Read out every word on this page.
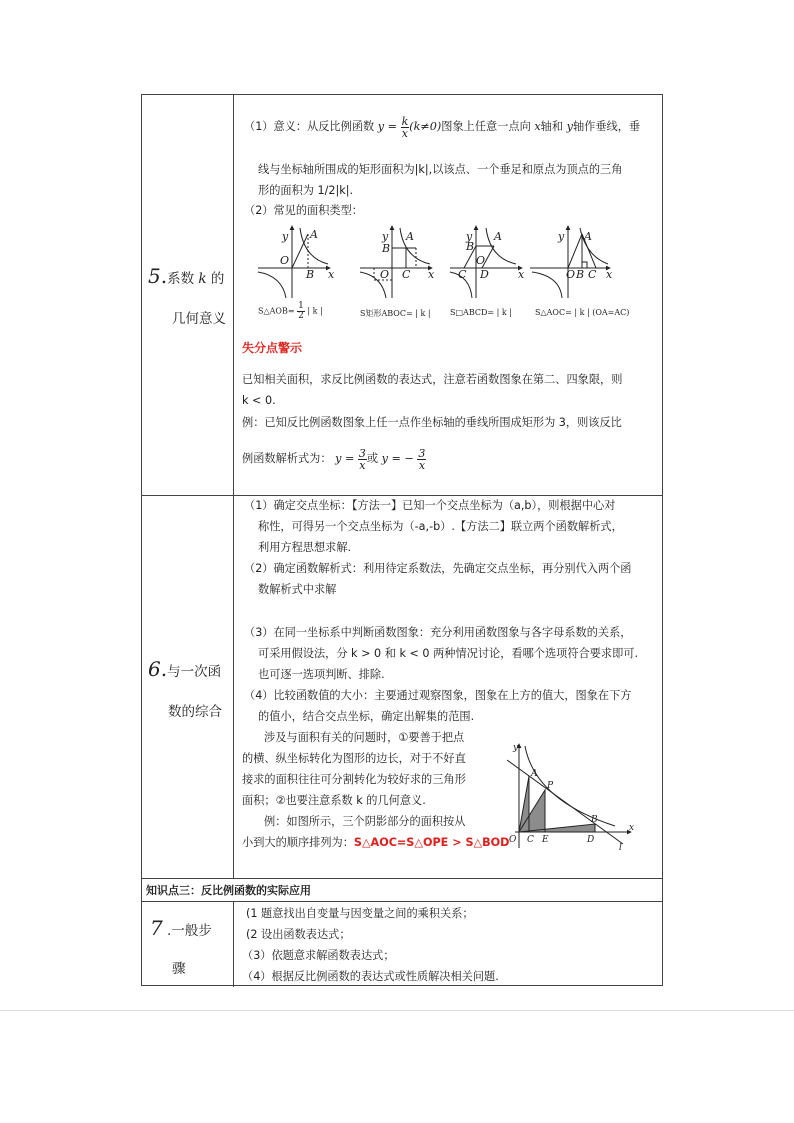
5.系数 k 的
几何意义
（1）意义：从反比例函数 $y = \frac{k}{x} (k\ne 0)$图象上任意一点向 x轴和 y轴作垂线，垂
线与坐标轴所围成的矩形面积为|k|,以该点、一个垂足和原点为顶点的三角
形的面积为 1/2|k|.
（2）常见的面积类型：
y
x
O
A
B
y
x
O
A
B
C
y
x
O
A
B
C D
y
x
O
A
B C
S△AOB= $\frac{1}{2}$ | k |	S矩形ABOC= | k | S□ABCD= | k |	S△AOC= | k | (OA=AC)
失分点警示
已知相关面积，求反比例函数的表达式，注意若函数图象在第二、四象限，则
k < 0.
例：已知反比例函数图象上任一点作坐标轴的垂线所围成矩形为 3，则该反比
例函数解析式为： $y = \frac{3}{x}$ 或 y = − $\frac{3}{x}$
6.与一次函
数的综合
（1）确定交点坐标：【方法一】已知一个交点坐标为（a,b），则根据中心对
称性，可得另一个交点坐标为（-a,-b）.【方法二】联立两个函数解析式，
利用方程思想求解.
（2）确定函数解析式：利用待定系数法，先确定交点坐标，再分别代入两个函
数解析式中求解
（3）在同一坐标系中判断函数图象：充分利用函数图象与各字母系数的关系，
可采用假设法，分 k > 0 和 k < 0 两种情况讨论，看哪个选项符合要求即可.
也可逐一选项判断、排除.
（4）比较函数值的大小：主要通过观察图象，图象在上方的值大，图象在下方
的值小，结合交点坐标，确定出解集的范围.
涉及与面积有关的问题时，①要善于把点
的横、纵坐标转化为图形的边长，对于不好直
接求的面积往往可分割转化为较好求的三角形
面积；②也要注意系数 k 的几何意义.
例：如图所示，三个阴影部分的面积按从
小到大的顺序排列为：S△AOC=S△OPE > S△BOD
y
x
O
A
P
B
C E	D
l
知识点三：反比例函数的实际应用
7 .一般步
骤
(1 题意找出自变量与因变量之间的乘积关系；
(2 设出函数表达式；
（3）依题意求解函数表达式；
（4）根据反比例函数的表达式或性质解决相关问题.
